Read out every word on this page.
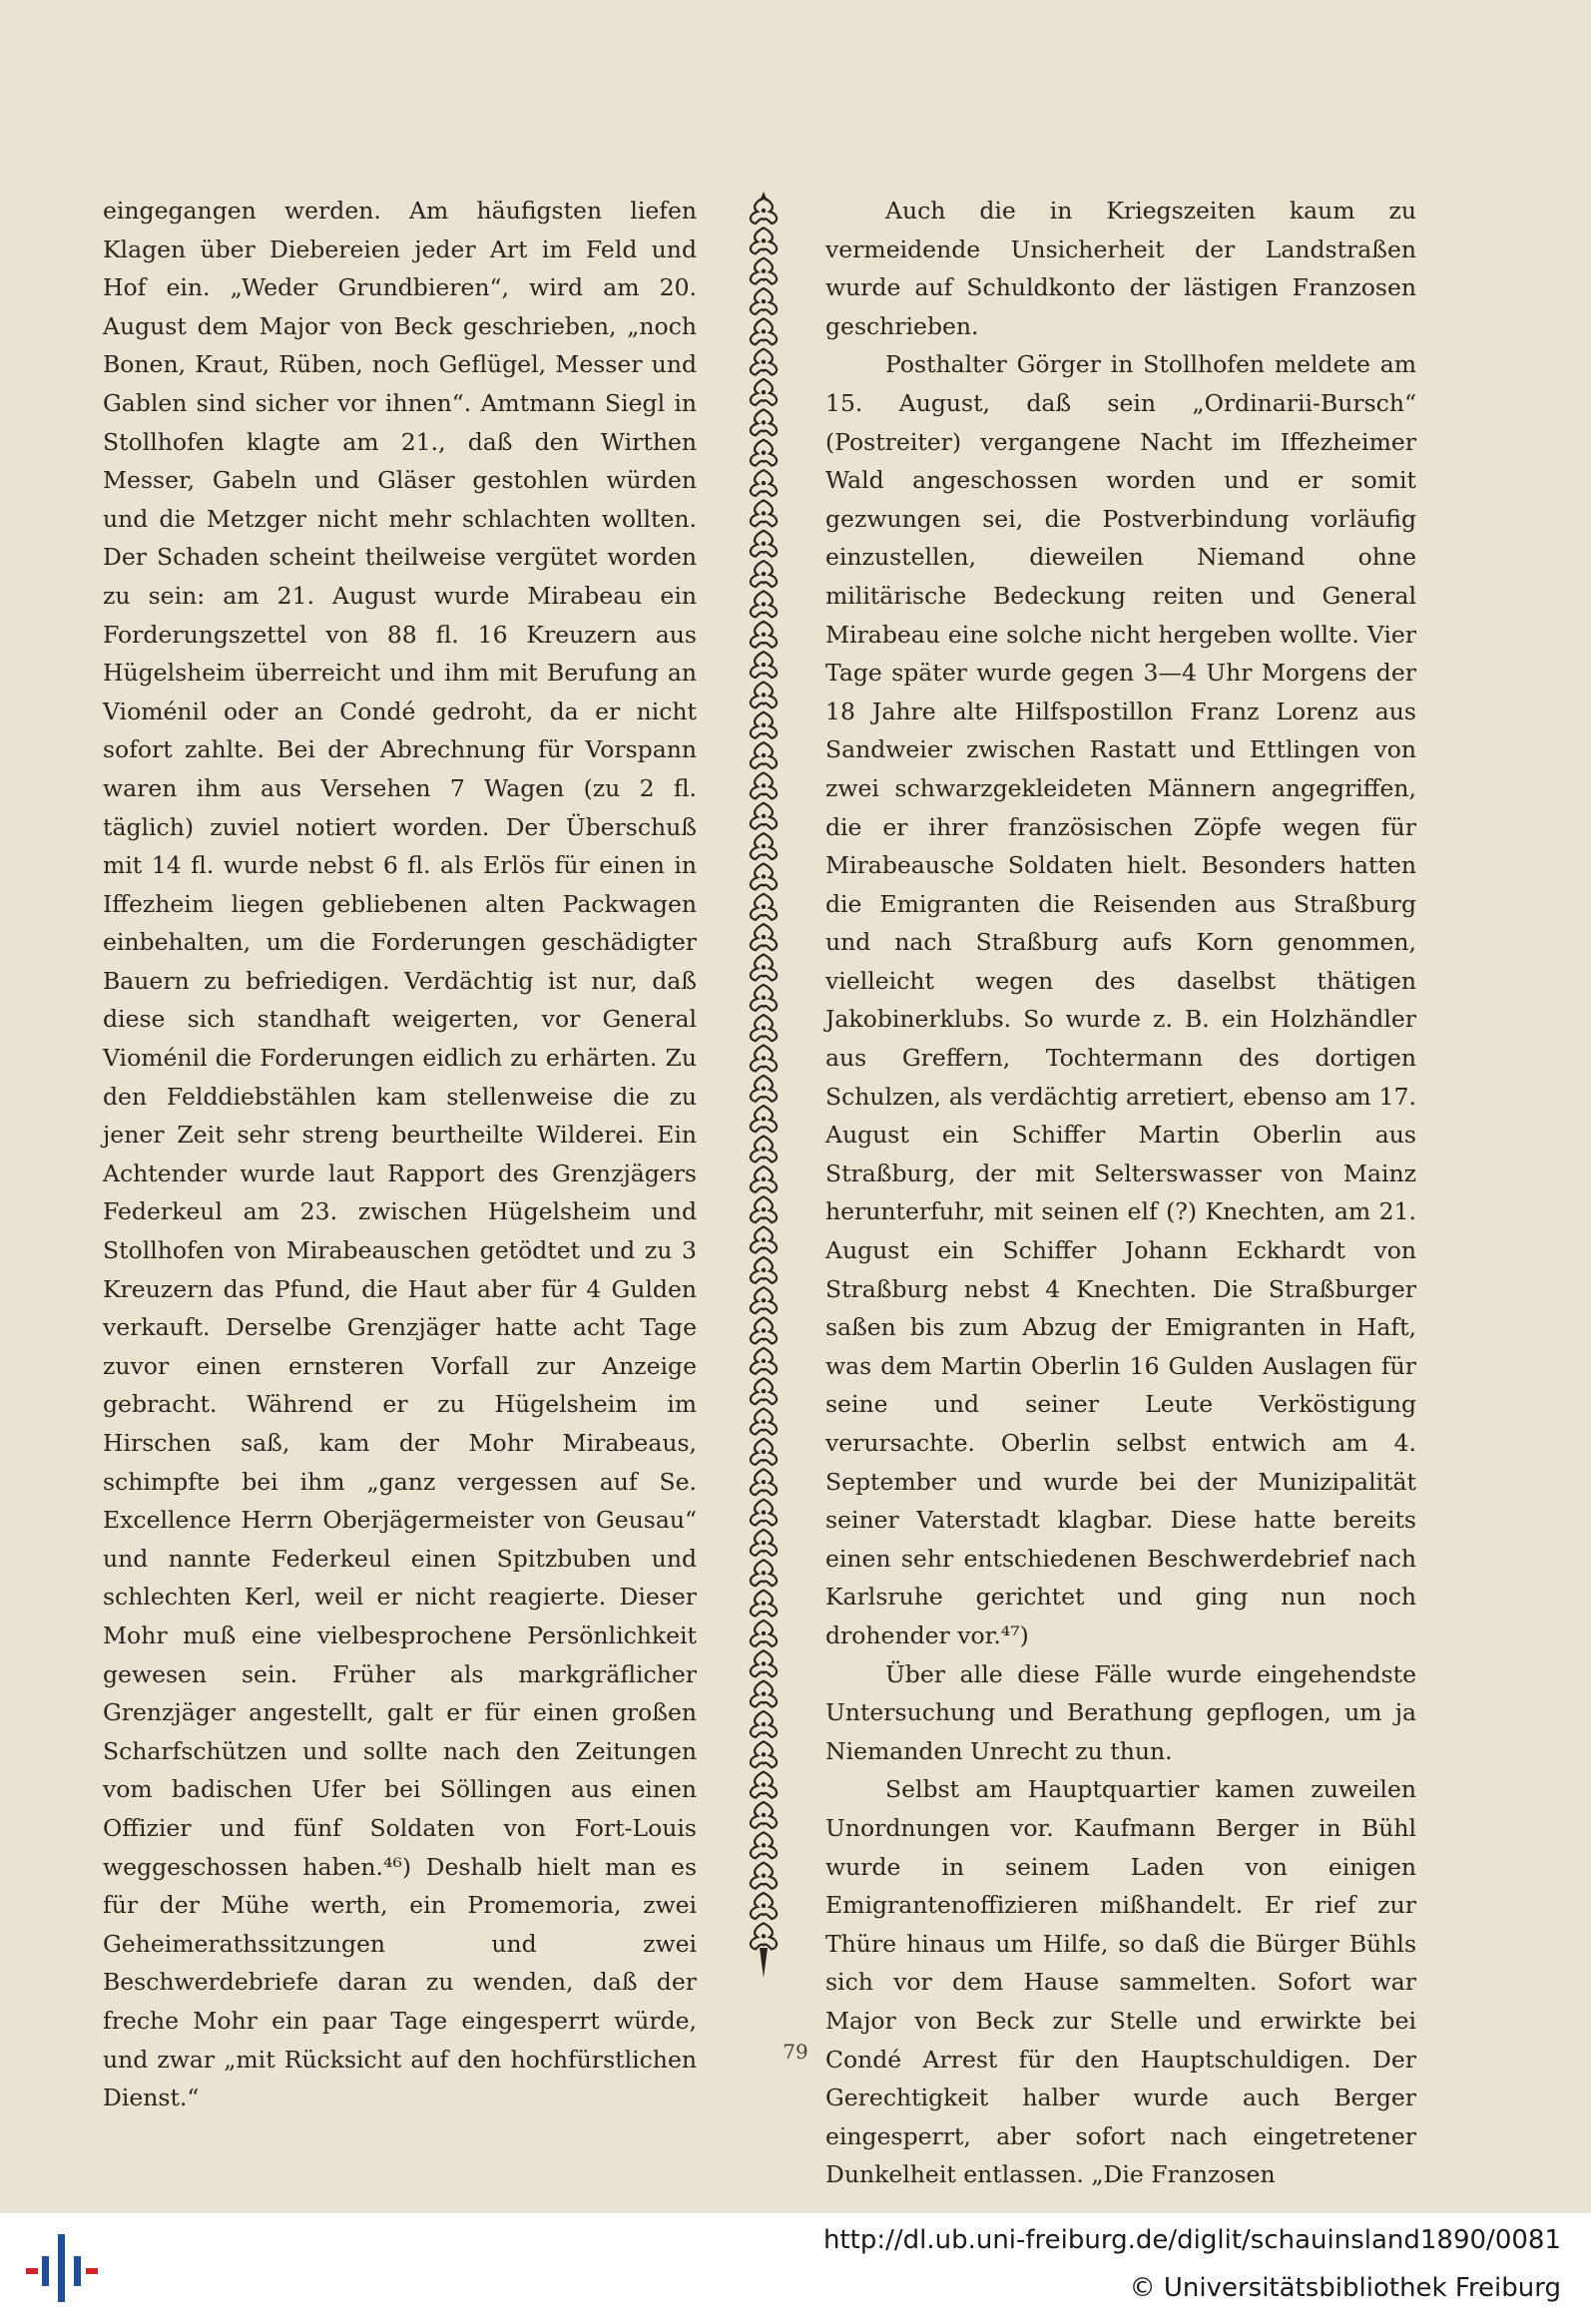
eingegangen werden. Am häufigsten liefen Klagen über Diebereien jeder Art im Feld und Hof ein. „Weder Grundbieren“, wird am 20. August dem Major von Beck geschrieben, „noch Bonen, Kraut, Rüben, noch Geflügel, Messer und Gablen sind sicher vor ihnen“. Amtmann Siegl in Stollhofen klagte am 21., daß den Wirthen Messer, Gabeln und Gläser gestohlen würden und die Metzger nicht mehr schlachten wollten. Der Schaden scheint theilweise vergütet worden zu sein: am 21. August wurde Mirabeau ein Forderungszettel von 88 fl. 16 Kreuzern aus Hügelsheim überreicht und ihm mit Berufung an Vioménil oder an Condé gedroht, da er nicht sofort zahlte. Bei der Abrechnung für Vorspann waren ihm aus Versehen 7 Wagen (zu 2 fl. täglich) zuviel notiert worden. Der Überschuß mit 14 fl. wurde nebst 6 fl. als Erlös für einen in Iffezheim liegen gebliebenen alten Packwagen einbehalten, um die Forderungen geschädigter Bauern zu befriedigen. Verdächtig ist nur, daß diese sich standhaft weigerten, vor General Vioménil die Forderungen eidlich zu erhärten. Zu den Felddiebstählen kam stellenweise die zu jener Zeit sehr streng beurtheilte Wilderei. Ein Achtender wurde laut Rapport des Grenzjägers Federkeul am 23. zwischen Hügelsheim und Stollhofen von Mirabeauschen getödtet und zu 3 Kreuzern das Pfund, die Haut aber für 4 Gulden verkauft. Derselbe Grenzjäger hatte acht Tage zuvor einen ernsteren Vorfall zur Anzeige gebracht. Während er zu Hügelsheim im Hirschen saß, kam der Mohr Mirabeaus, schimpfte bei ihm „ganz vergessen auf Se. Excellence Herrn Oberjägermeister von Geusau“ und nannte Federkeul einen Spitzbuben und schlechten Kerl, weil er nicht reagierte. Dieser Mohr muß eine vielbesprochene Persönlichkeit gewesen sein. Früher als markgräflicher Grenzjäger angestellt, galt er für einen großen Scharfschützen und sollte nach den Zeitungen vom badischen Ufer bei Söllingen aus einen Offizier und fünf Soldaten von Fort-Louis weggeschossen haben.⁴⁶) Deshalb hielt man es für der Mühe werth, ein Promemoria, zwei Geheimerathssitzungen und zwei Beschwerdebriefe daran zu wenden, daß der freche Mohr ein paar Tage eingesperrt würde, und zwar „mit Rücksicht auf den hochfürstlichen Dienst.“

Auch die in Kriegszeiten kaum zu vermeidende Unsicherheit der Landstraßen wurde auf Schuldkonto der lästigen Franzosen geschrieben.

Posthalter Görger in Stollhofen meldete am 15. August, daß sein „Ordinarii-Bursch“ (Postreiter) vergangene Nacht im Iffezheimer Wald angeschossen worden und er somit gezwungen sei, die Postverbindung vorläufig einzustellen, dieweilen Niemand ohne militärische Bedeckung reiten und General Mirabeau eine solche nicht hergeben wollte. Vier Tage später wurde gegen 3—4 Uhr Morgens der 18 Jahre alte Hilfspostillon Franz Lorenz aus Sandweier zwischen Rastatt und Ettlingen von zwei schwarzgekleideten Männern angegriffen, die er ihrer französischen Zöpfe wegen für Mirabeausche Soldaten hielt. Besonders hatten die Emigranten die Reisenden aus Straßburg und nach Straßburg aufs Korn genommen, vielleicht wegen des daselbst thätigen Jakobinerklubs. So wurde z. B. ein Holzhändler aus Greffern, Tochtermann des dortigen Schulzen, als verdächtig arretiert, ebenso am 17. August ein Schiffer Martin Oberlin aus Straßburg, der mit Selterswasser von Mainz herunterfuhr, mit seinen elf (?) Knechten, am 21. August ein Schiffer Johann Eckhardt von Straßburg nebst 4 Knechten. Die Straßburger saßen bis zum Abzug der Emigranten in Haft, was dem Martin Oberlin 16 Gulden Auslagen für seine und seiner Leute Verköstigung verursachte. Oberlin selbst entwich am 4. September und wurde bei der Munizipalität seiner Vaterstadt klagbar. Diese hatte bereits einen sehr entschiedenen Beschwerdebrief nach Karlsruhe gerichtet und ging nun noch drohender vor.⁴⁷)

Über alle diese Fälle wurde eingehendste Untersuchung und Berathung gepflogen, um ja Niemanden Unrecht zu thun.

Selbst am Hauptquartier kamen zuweilen Unordnungen vor. Kaufmann Berger in Bühl wurde in seinem Laden von einigen Emigrantenoffizieren mißhandelt. Er rief zur Thüre hinaus um Hilfe, so daß die Bürger Bühls sich vor dem Hause sammelten. Sofort war Major von Beck zur Stelle und erwirkte bei Condé Arrest für den Hauptschuldigen. Der Gerechtigkeit halber wurde auch Berger eingesperrt, aber sofort nach eingetretener Dunkelheit entlassen. „Die Franzosen

79
http://dl.ub.uni-freiburg.de/diglit/schauinsland1890/0081
© Universitätsbibliothek Freiburg
